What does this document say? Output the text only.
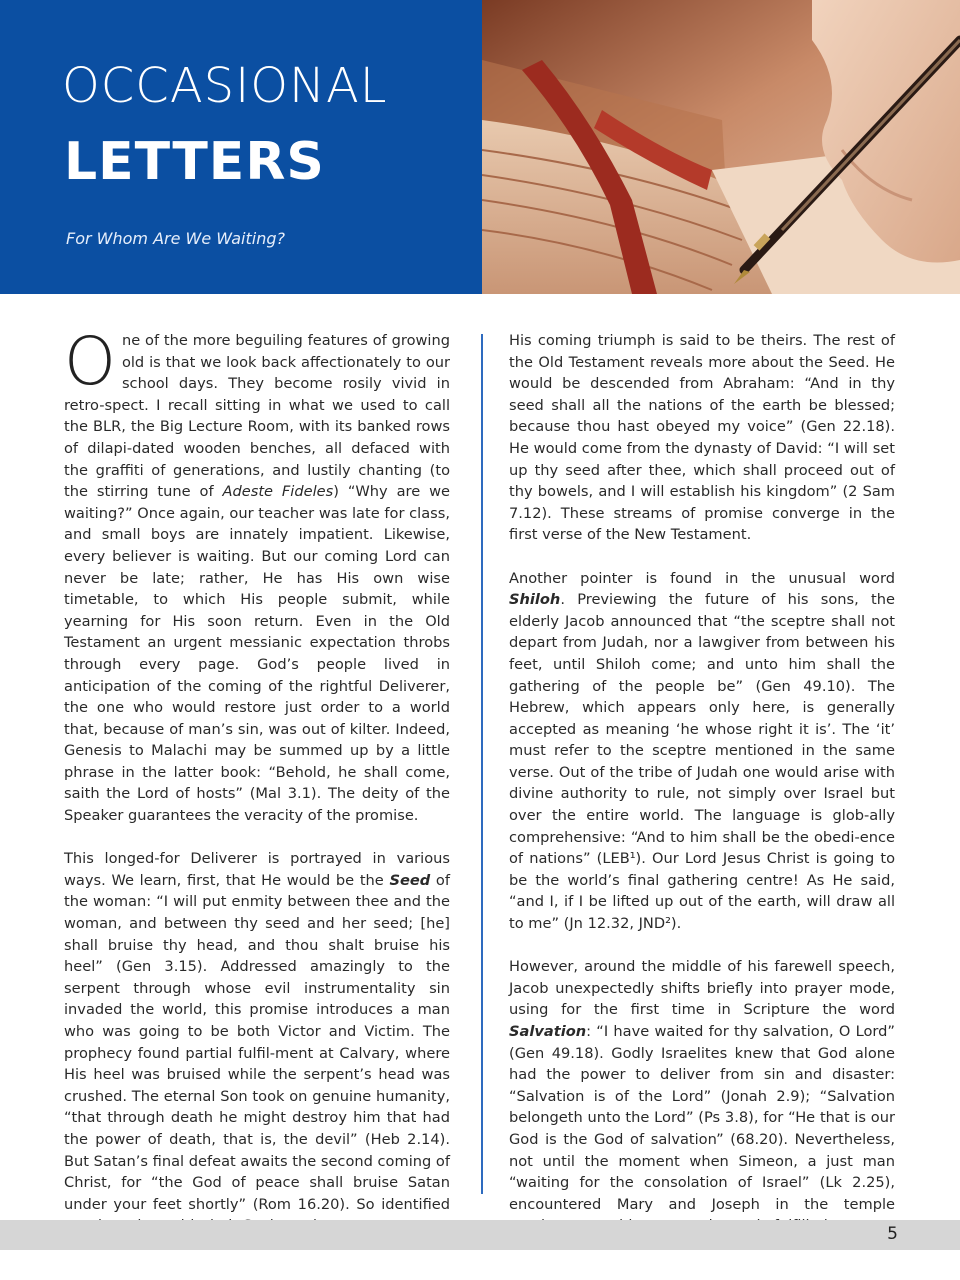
OCCASIONAL
LETTERS
For Whom Are We Waiting?

One of the more beguiling features of growing old is that we look back affectionately to our school days. They become rosily vivid in retro-spect. I recall sitting in what we used to call the BLR, the Big Lecture Room, with its banked rows of dilapi-dated wooden benches, all defaced with the graffiti of generations, and lustily chanting (to the stirring tune of Adeste Fideles) “Why are we waiting?” Once again, our teacher was late for class, and small boys are innately impatient. Likewise, every believer is waiting. But our coming Lord can never be late; rather, He has His own wise timetable, to which His people submit, while yearning for His soon return. Even in the Old Testament an urgent messianic expectation throbs through every page. God’s people lived in anticipation of the coming of the rightful Deliverer, the one who would restore just order to a world that, because of man’s sin, was out of kilter. Indeed, Genesis to Malachi may be summed up by a little phrase in the latter book: “Behold, he shall come, saith the Lord of hosts” (Mal 3.1). The deity of the Speaker guarantees the veracity of the promise.

This longed-for Deliverer is portrayed in various ways. We learn, first, that He would be the Seed of the woman: “I will put enmity between thee and the woman, and between thy seed and her seed; [he] shall bruise thy head, and thou shalt bruise his heel” (Gen 3.15). Addressed amazingly to the serpent through whose evil instrumentality sin invaded the world, this promise introduces a man who was going to be both Victor and Victim. The prophecy found partial fulfil-ment at Calvary, where His heel was bruised while the serpent’s head was crushed. The eternal Son took on genuine humanity, “that through death he might destroy him that had the power of death, that is, the devil” (Heb 2.14). But Satan’s final defeat awaits the second coming of Christ, for “the God of peace shall bruise Satan under your feet shortly” (Rom 16.20). So identified

His coming triumph is said to be theirs. The rest of the Old Testament reveals more about the Seed. He would be descended from Abraham: “And in thy seed shall all the nations of the earth be blessed; because thou hast obeyed my voice” (Gen 22.18). He would come from the dynasty of David: “I will set up thy seed after thee, which shall proceed out of thy bowels, and I will establish his kingdom” (2 Sam 7.12). These streams of promise converge in the first verse of the New Testament.

Another pointer is found in the unusual word Shiloh. Previewing the future of his sons, the elderly Jacob announced that “the sceptre shall not depart from Judah, nor a lawgiver from between his feet, until Shiloh come; and unto him shall the gathering of the people be” (Gen 49.10). The Hebrew, which appears only here, is generally accepted as meaning ‘he whose right it is’. The ‘it’ must refer to the sceptre mentioned in the same verse. Out of the tribe of Judah one would arise with divine authority to rule, not simply over Israel but over the entire world. The language is glob-ally comprehensive: “And to him shall be the obedi-ence of nations” (LEB¹). Our Lord Jesus Christ is going to be the world’s final gathering centre! As He said, “and I, if I be lifted up out of the earth, will draw all to me” (Jn 12.32, JND²).

However, around the middle of his farewell speech, Jacob unexpectedly shifts briefly into prayer mode, using for the first time in Scripture the word Salvation: “I have waited for thy salvation, O Lord” (Gen 49.18). Godly Israelites knew that God alone had the power to deliver from sin and disaster: “Salvation is of the Lord” (Jonah 2.9); “Salvation belongeth unto the Lord” (Ps 3.8), for “He that is our God is the God of salvation” (68.20). Nevertheless, not until the moment when Simeon, a just man “waiting for the consolation of Israel” (Lk 2.25), encountered Mary and Joseph in the temple

5
